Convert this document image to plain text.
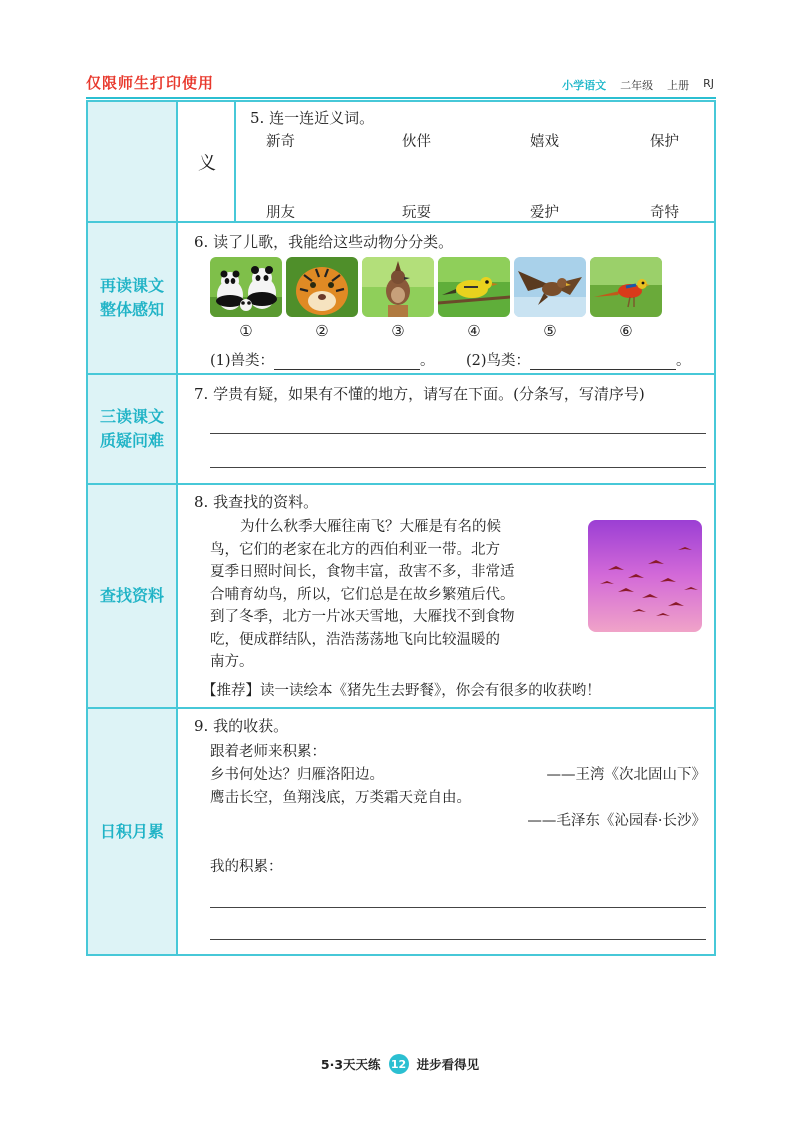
仅限师生打印使用	小学语文 二年级 上册 RJ
义
5. 连一连近义词。
新奇	伙伴	嬉戏	保护
朋友	玩耍	爱护	奇特
再读课文
整体感知
6. 读了儿歌，我能给这些动物分分类。
①	②	③	④	⑤	⑥
(1)兽类：	。 (2)鸟类：	。
三读课文
质疑问难
7. 学贵有疑，如果有不懂的地方，请写在下面。(分条写，写清序号)
查找资料
8. 我查找的资料。

为什么秋季大雁往南飞？大雁是有名的候

鸟，它们的老家在北方的西伯利亚一带。北方

夏季日照时间长，食物丰富，敌害不多，非常适

合哺育幼鸟，所以，它们总是在故乡繁殖后代。

到了冬季，北方一片冰天雪地，大雁找不到食物

吃，便成群结队，浩浩荡荡地飞向比较温暖的

南方。

【推荐】读一读绘本《猪先生去野餐》，你会有很多的收获哟！
日积月累
9. 我的收获。
跟着老师来积累：
乡书何处达？归雁洛阳边。	——王湾《次北固山下》
鹰击长空，鱼翔浅底，万类霜天竞自由。
——毛泽东《沁园春·长沙》
我的积累：
5·3天天练 12 进步看得见
